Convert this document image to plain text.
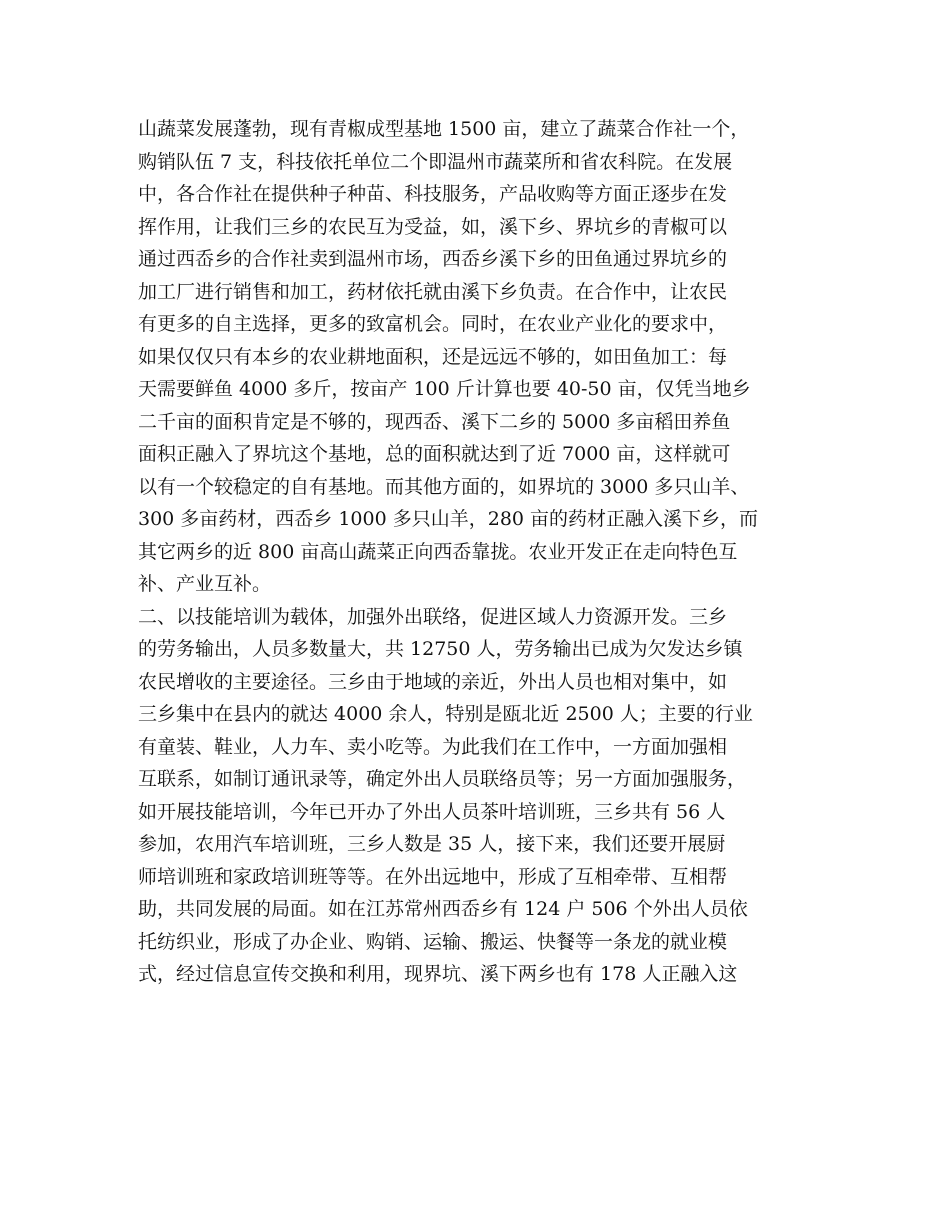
山蔬菜发展蓬勃，现有青椒成型基地 1500 亩，建立了蔬菜合作社一个，
购销队伍 7 支，科技依托单位二个即温州市蔬菜所和省农科院。在发展
中，各合作社在提供种子种苗、科技服务，产品收购等方面正逐步在发
挥作用，让我们三乡的农民互为受益，如，溪下乡、界坑乡的青椒可以
通过西岙乡的合作社卖到温州市场，西岙乡溪下乡的田鱼通过界坑乡的
加工厂进行销售和加工，药材依托就由溪下乡负责。在合作中，让农民
有更多的自主选择，更多的致富机会。同时，在农业产业化的要求中，
如果仅仅只有本乡的农业耕地面积，还是远远不够的，如田鱼加工：每
天需要鲜鱼 4000 多斤，按亩产 100 斤计算也要 40-50 亩，仅凭当地乡
二千亩的面积肯定是不够的，现西岙、溪下二乡的 5000 多亩稻田养鱼
面积正融入了界坑这个基地，总的面积就达到了近 7000 亩，这样就可
以有一个较稳定的自有基地。而其他方面的，如界坑的 3000 多只山羊、
300 多亩药材，西岙乡 1000 多只山羊，280 亩的药材正融入溪下乡，而
其它两乡的近 800 亩高山蔬菜正向西岙靠拢。农业开发正在走向特色互
补、产业互补。
二、以技能培训为载体，加强外出联络，促进区域人力资源开发。三乡
的劳务输出，人员多数量大，共 12750 人，劳务输出已成为欠发达乡镇
农民增收的主要途径。三乡由于地域的亲近，外出人员也相对集中，如
三乡集中在县内的就达 4000 余人，特别是瓯北近 2500 人；主要的行业
有童装、鞋业，人力车、卖小吃等。为此我们在工作中，一方面加强相
互联系，如制订通讯录等，确定外出人员联络员等；另一方面加强服务，
如开展技能培训，今年已开办了外出人员茶叶培训班，三乡共有 56 人
参加，农用汽车培训班，三乡人数是 35 人，接下来，我们还要开展厨
师培训班和家政培训班等等。在外出远地中，形成了互相牵带、互相帮
助，共同发展的局面。如在江苏常州西岙乡有 124 户 506 个外出人员依
托纺织业，形成了办企业、购销、运输、搬运、快餐等一条龙的就业模
式，经过信息宣传交换和利用，现界坑、溪下两乡也有 178 人正融入这
